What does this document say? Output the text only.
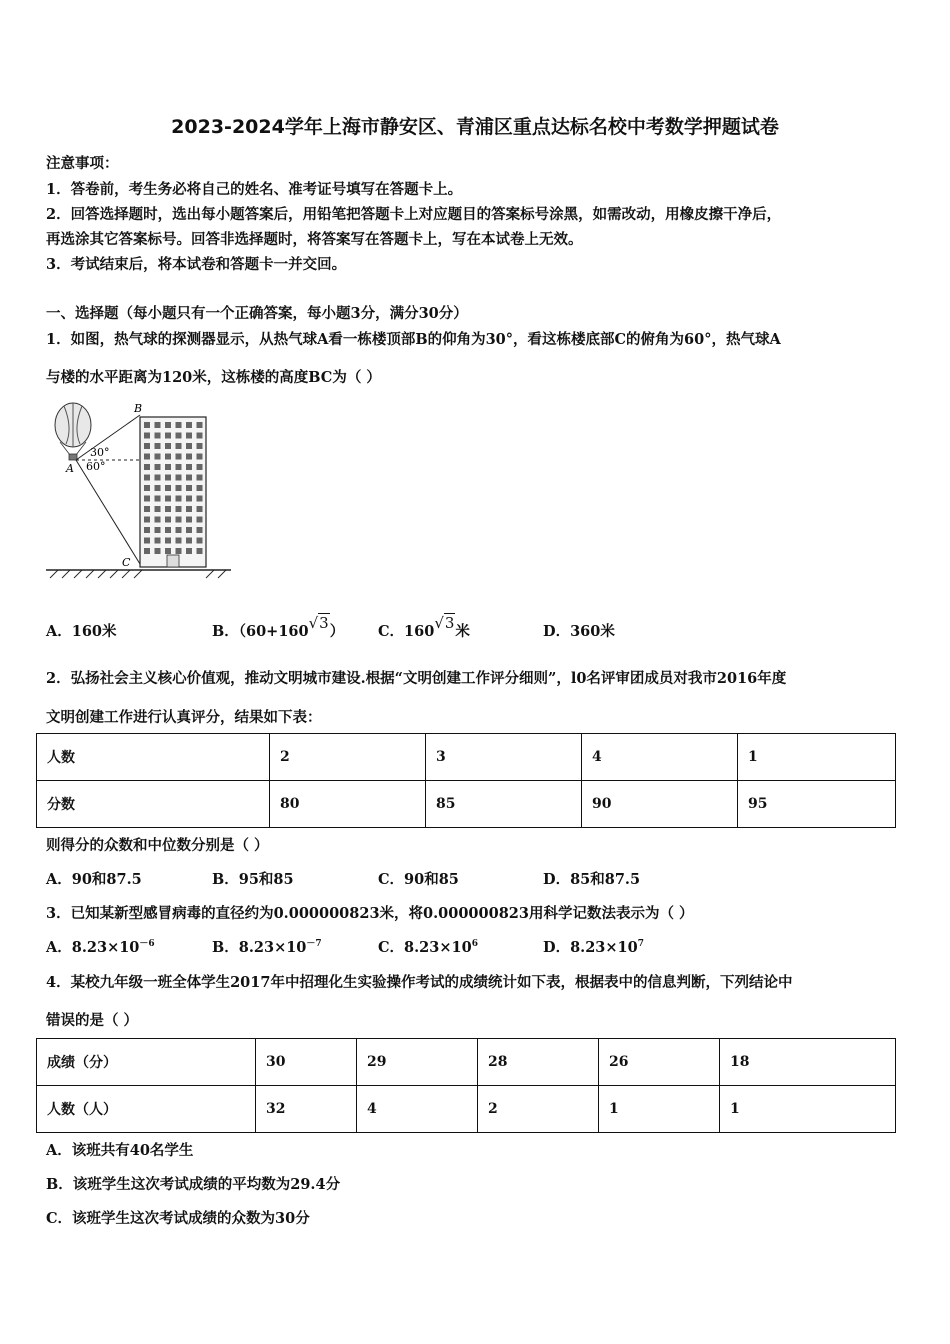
2023-2024学年上海市静安区、青浦区重点达标名校中考数学押题试卷
注意事项：
1．答卷前，考生务必将自己的姓名、准考证号填写在答题卡上。
2．回答选择题时，选出每小题答案后，用铅笔把答题卡上对应题目的答案标号涂黑，如需改动，用橡皮擦干净后，
再选涂其它答案标号。回答非选择题时，将答案写在答题卡上，写在本试卷上无效。
3．考试结束后，将本试卷和答题卡一并交回。
一、选择题（每小题只有一个正确答案，每小题3分，满分30分）
1．如图，热气球的探测器显示，从热气球A看一栋楼顶部B的仰角为30°，看这栋楼底部C的俯角为60°，热气球A
与楼的水平距离为120米，这栋楼的高度BC为（ ）
B
A
C
30°
60°
A．160米	B．（60+160√3） C．160√3米	D．360米
2．弘扬社会主义核心价值观，推动文明城市建设.根据“文明创建工作评分细则”，l0名评审团成员对我市2016年度
文明创建工作进行认真评分，结果如下表：
人数	2	3	4	1
分数	80	85	90	95
则得分的众数和中位数分别是（ ）
A．90和87.5	B．95和85	C．90和85	D．85和87.5
3．已知某新型感冒病毒的直径约为0.000000823米，将0.000000823用科学记数法表示为（ ）
A．$8.23\times 10^{-6}$	B．$8.23\times 10^{-7}$	C．$8.23\times 10^6$	D．$8.23\times 10^7$
4．某校九年级一班全体学生2017年中招理化生实验操作考试的成绩统计如下表，根据表中的信息判断，下列结论中
错误的是（ ）
成绩（分）	30	29	28	26	18
人数（人）	32	4	2	1	1
A．该班共有40名学生
B．该班学生这次考试成绩的平均数为29.4分
C．该班学生这次考试成绩的众数为30分
